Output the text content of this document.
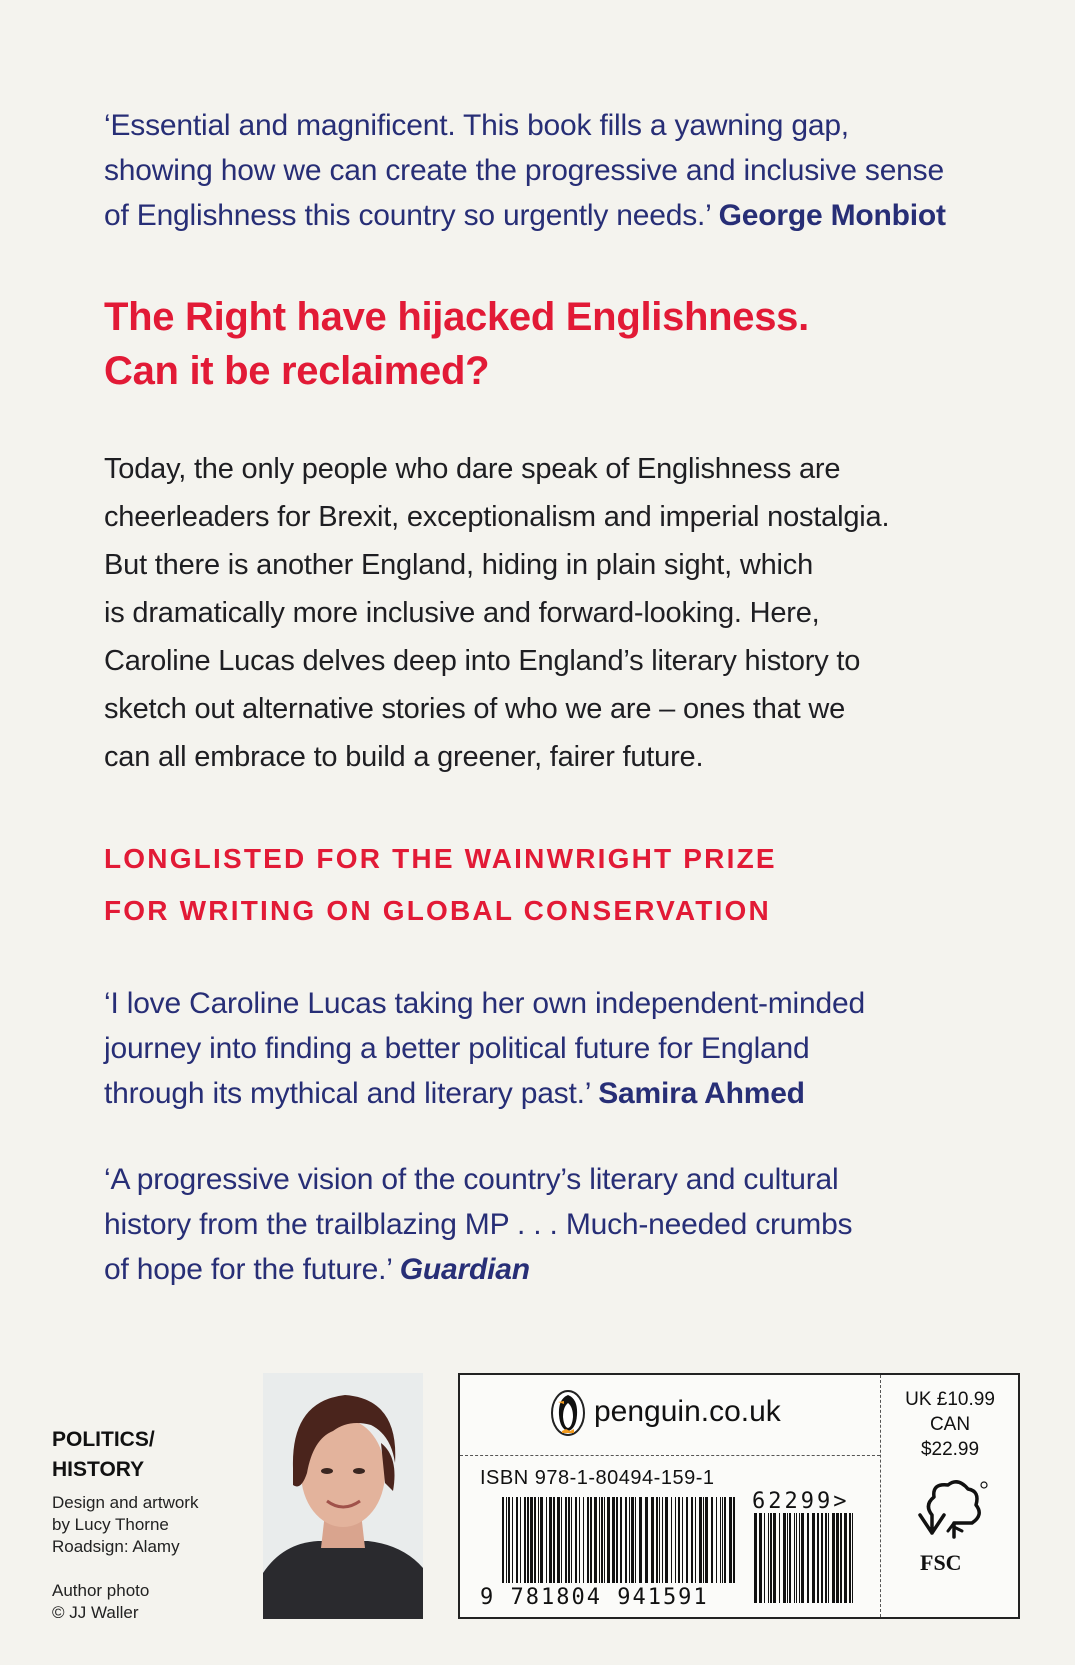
‘Essential and magnificent. This book fills a yawning gap,
showing how we can create the progressive and inclusive sense
of Englishness this country so urgently needs.’ George Monbiot
The Right have hijacked Englishness.
Can it be reclaimed?
Today, the only people who dare speak of Englishness are
cheerleaders for Brexit, exceptionalism and imperial nostalgia.
But there is another England, hiding in plain sight, which
is dramatically more inclusive and forward-looking. Here,
Caroline Lucas delves deep into England’s literary history to
sketch out alternative stories of who we are – ones that we
can all embrace to build a greener, fairer future.
LONGLISTED FOR THE WAINWRIGHT PRIZE
FOR WRITING ON GLOBAL CONSERVATION
‘I love Caroline Lucas taking her own independent-minded
journey into finding a better political future for England
through its mythical and literary past.’ Samira Ahmed
‘A progressive vision of the country’s literary and cultural
history from the trailblazing MP . . . Much-needed crumbs
of hope for the future.’ Guardian
POLITICS/
HISTORY
Design and artwork
by Lucy Thorne
Roadsign: Alamy
Author photo
© JJ Waller
penguin.co.uk	UK £10.99
CAN $22.99
ISBN 978-1-80494-159-1
9 781804 941591
62299>
FSC
